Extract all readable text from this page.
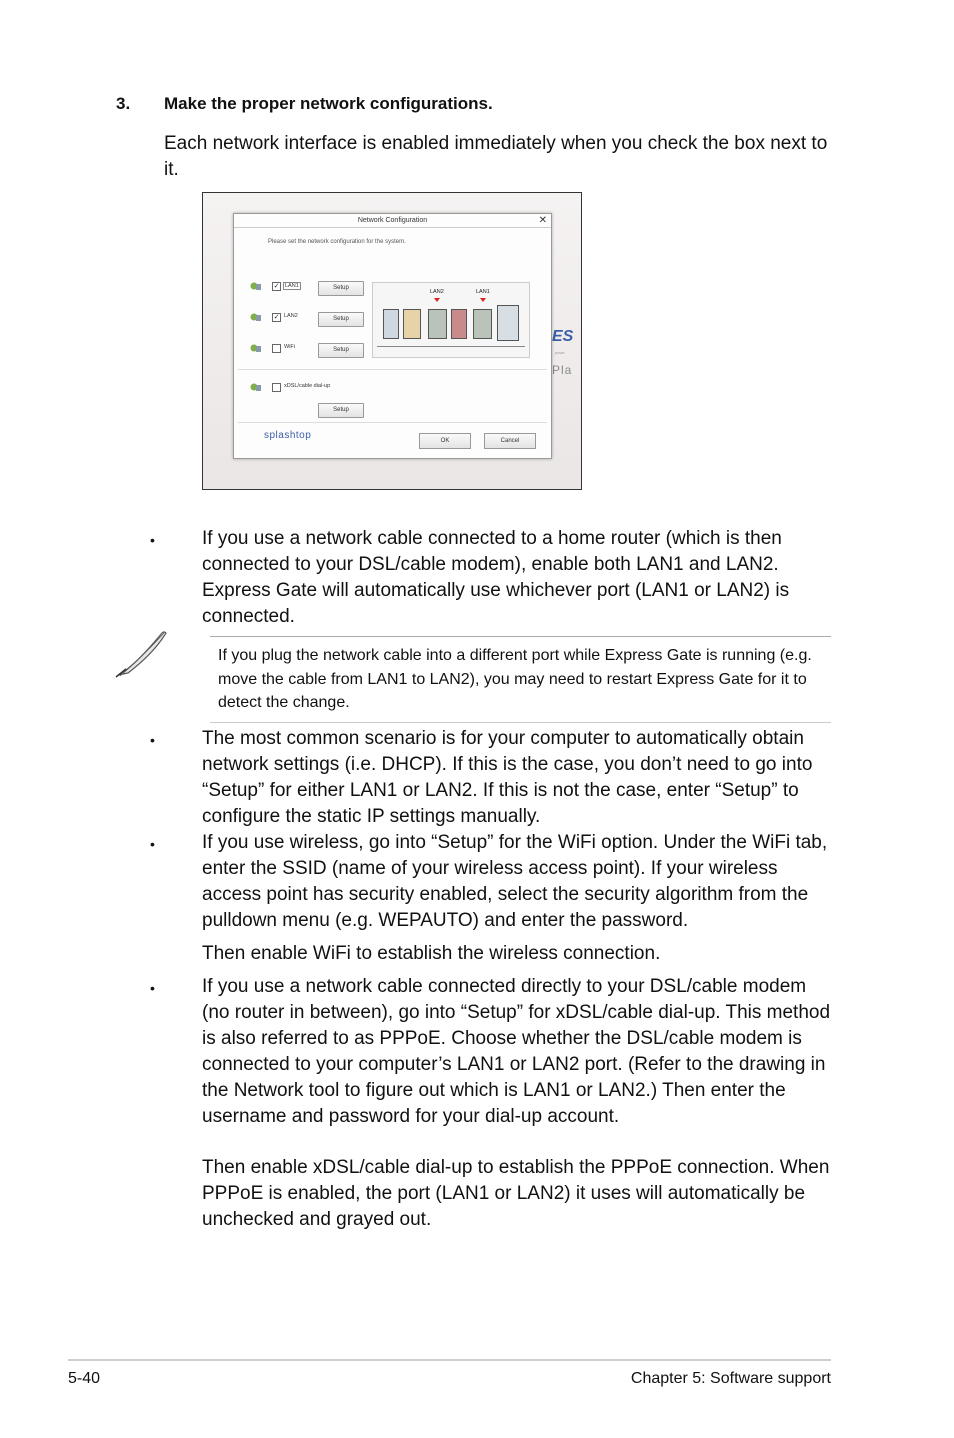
3. Make the proper network configurations.
Each network interface is enabled immediately when you check the box next to it.
ES
powe
Pla
Network Configuration	✕
Please set the network configuration for the system.
✓	LAN1	Setup
✓ LAN2	Setup
WiFi	Setup
xDSL/cable dial-up
Setup
LAN2	LAN1
splashtop	OK	Cancel
• If you use a network cable connected to a home router (which is then connected to your DSL/cable modem), enable both LAN1 and LAN2. Express Gate will automatically use whichever port (LAN1 or LAN2) is connected.
If you plug the network cable into a different port while Express Gate is running (e.g. move the cable from LAN1 to LAN2), you may need to restart Express Gate for it to detect the change.
• The most common scenario is for your computer to automatically obtain network settings (i.e. DHCP). If this is the case, you don’t need to go into “Setup” for either LAN1 or LAN2. If this is not the case, enter “Setup” to configure the static IP settings manually.
• If you use wireless, go into “Setup” for the WiFi option. Under the WiFi tab, enter the SSID (name of your wireless access point). If your wireless access point has security enabled, select the security algorithm from the pulldown menu (e.g. WEPAUTO) and enter the password.
Then enable WiFi to establish the wireless connection.
• If you use a network cable connected directly to your DSL/cable modem (no router in between), go into “Setup” for xDSL/cable dial-up. This method is also referred to as PPPoE. Choose whether the DSL/cable modem is connected to your computer’s LAN1 or LAN2 port. (Refer to the drawing in the Network tool to figure out which is LAN1 or LAN2.) Then enter the username and password for your dial-up account.
Then enable xDSL/cable dial-up to establish the PPPoE connection. When PPPoE is enabled, the port (LAN1 or LAN2) it uses will automatically be unchecked and grayed out.
5-40	Chapter 5: Software support
